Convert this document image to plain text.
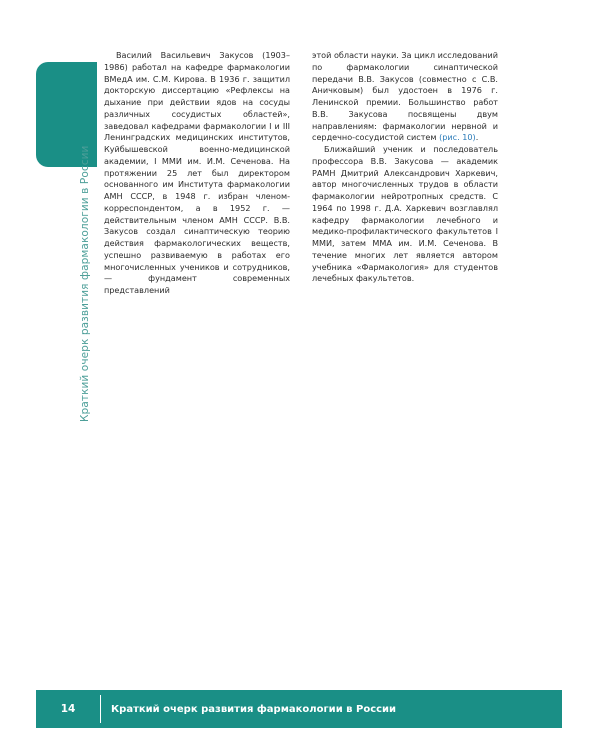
Краткий очерк развития фармакологии в России

Василий Васильевич Закусов (1903–1986) работал на кафедре фармакологии ВМедА им. С.М. Кирова. В 1936 г. защитил докторскую диссертацию «Рефлексы на дыхание при действии ядов на сосуды различных сосудистых областей», заведовал кафедрами фармакологии I и III Ленинградских медицинских институтов, Куйбышевской военно-медицинской академии, I ММИ им. И.М. Сеченова. На протяжении 25 лет был директором основанного им Института фармакологии АМН СССР, в 1948 г. избран членом-корреспондентом, а в 1952 г. — действительным членом АМН СССР. В.В. Закусов создал синаптическую теорию действия фармакологических веществ, успешно развиваемую в работах его многочисленных учеников и сотрудников, — фундамент современных представлений

этой области науки. За цикл исследований по фармакологии синаптической передачи В.В. Закусов (совместно с С.В. Аничковым) был удостоен в 1976 г. Ленинской премии. Большинство работ В.В. Закусова посвящены двум направлениям: фармакологии нервной и сердечно-сосудистой систем (рис. 10).

Ближайший ученик и последователь профессора В.В. Закусова — академик РАМН Дмитрий Александрович Харкевич, автор многочисленных трудов в области фармакологии нейротропных средств. С 1964 по 1998 г. Д.А. Харкевич возглавлял кафедру фармакологии лечебного и медико-профилактического факультетов I ММИ, затем ММА им. И.М. Сеченова. В течение многих лет является автором учебника «Фармакология» для студентов лечебных факультетов.

14	Краткий очерк развития фармакологии в России
